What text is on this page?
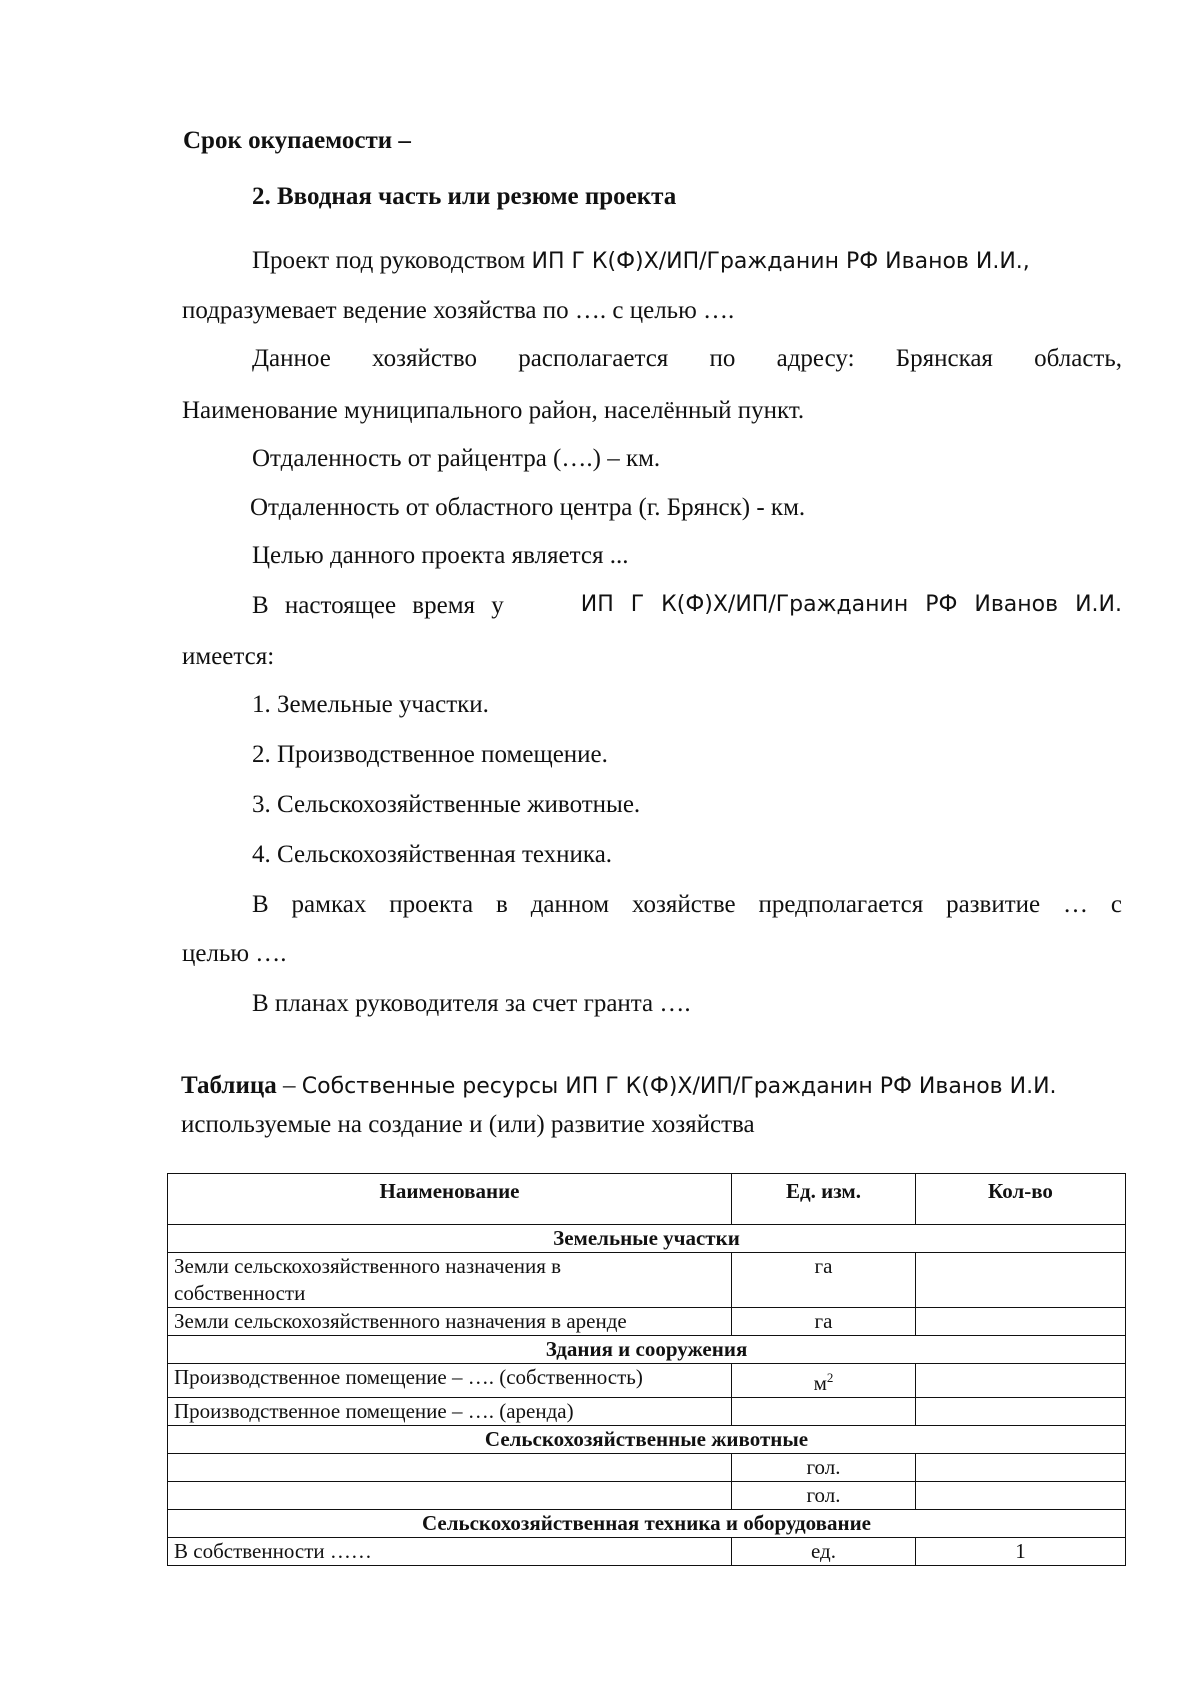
Срок окупаемости –
2. Вводная часть или резюме проекта
Проект под руководством ИП Г К(Ф)Х/ИП/Гражданин РФ Иванов И.И.,
подразумевает ведение хозяйства по …. с целью ….
Данное хозяйство располагается по адресу: Брянская область,
Наименование муниципального район, населённый пункт.
Отдаленность от райцентра (….) – км.
Отдаленность от областного центра (г. Брянск) - км.
Целью данного проекта является ...
В настоящее время у	ИП Г К(Ф)Х/ИП/Гражданин РФ Иванов И.И.
имеется:
1. Земельные участки.
2. Производственное помещение.
3. Сельскохозяйственные животные.
4. Сельскохозяйственная техника.
В рамках проекта в данном хозяйстве предполагается развитие … с
целью ….
В планах руководителя за счет гранта ….
Таблица – Собственные ресурсы ИП Г К(Ф)Х/ИП/Гражданин РФ Иванов И.И.
используемые на создание и (или) развитие хозяйства
Наименование	Ед. изм.	Кол-во
Земельные участки		

Земли сельскохозяйственного назначения в
собственности	га	
Земли сельскохозяйственного назначения в аренде	га	
Здания и сооружения		
Производственное помещение – …. (собственность)	$м^2$	
Производственное помещение – …. (аренда)		
Сельскохозяйственные животные		
	гол.	
	гол.	
Сельскохозяйственная техника и оборудование		
В собственности ……	ед.	1
